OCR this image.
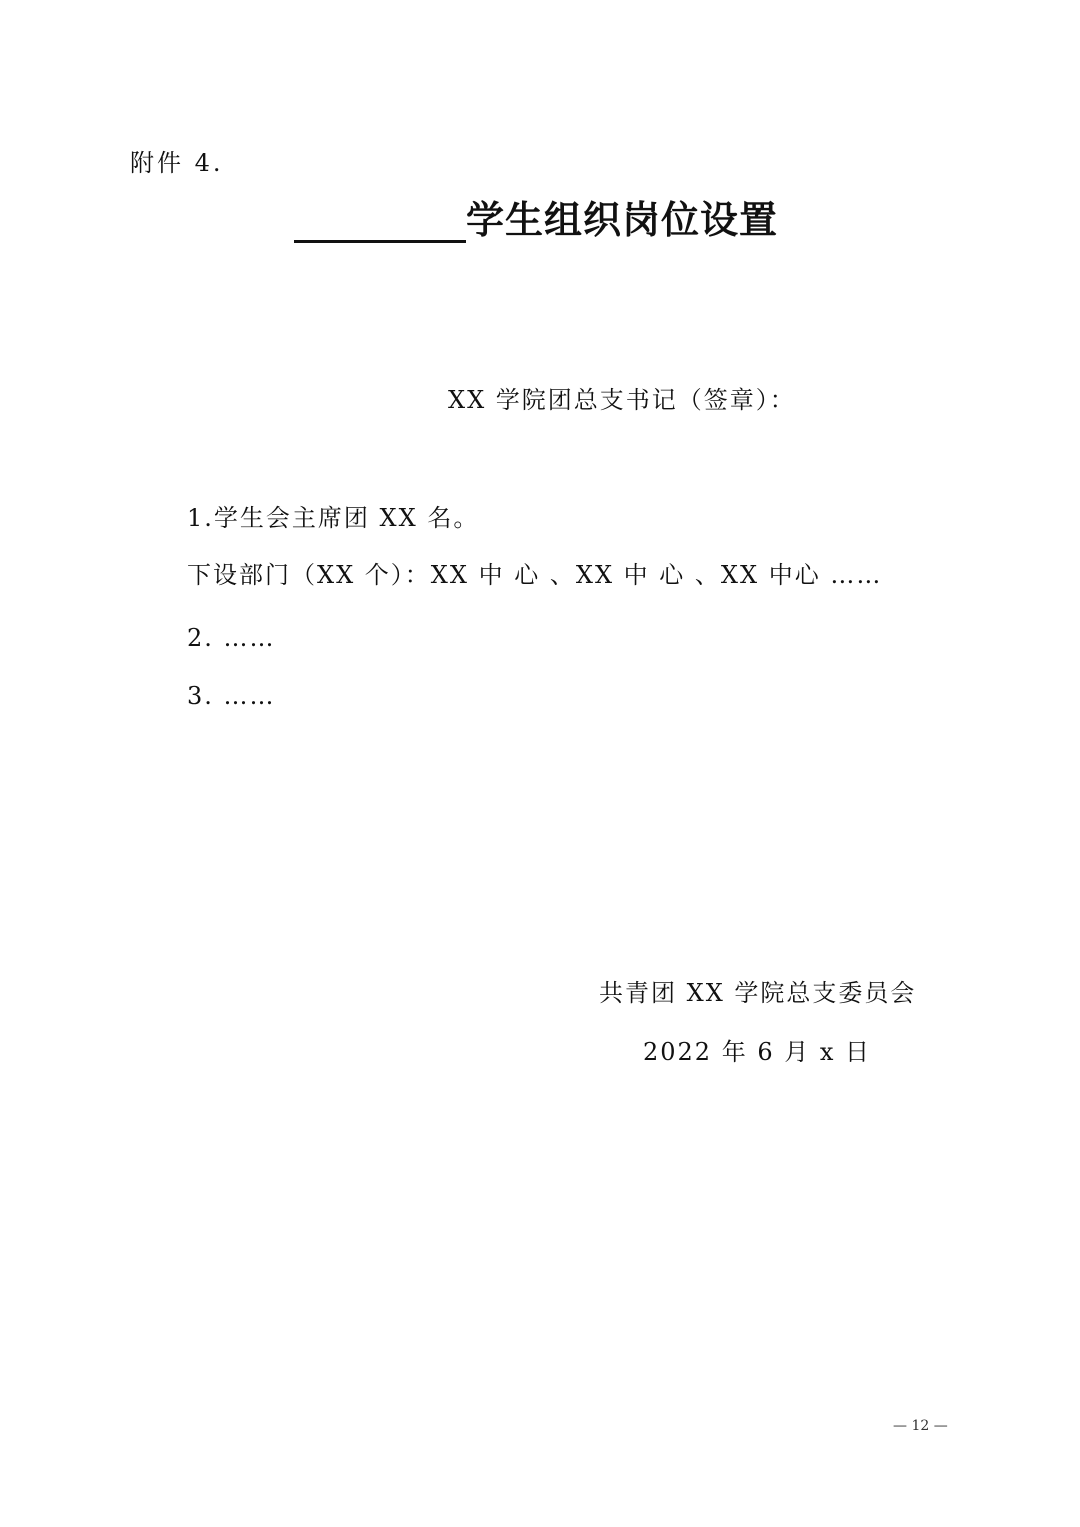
附件 4.
学生组织岗位设置
XX 学院团总支书记（签章）：
1.学生会主席团 XX 名。
下设部门（XX 个）：XX 中 心 、XX 中 心 、XX 中心 ……
2. ……
3. ……
共青团 XX 学院总支委员会
2022 年 6 月 x 日
— 12 —
